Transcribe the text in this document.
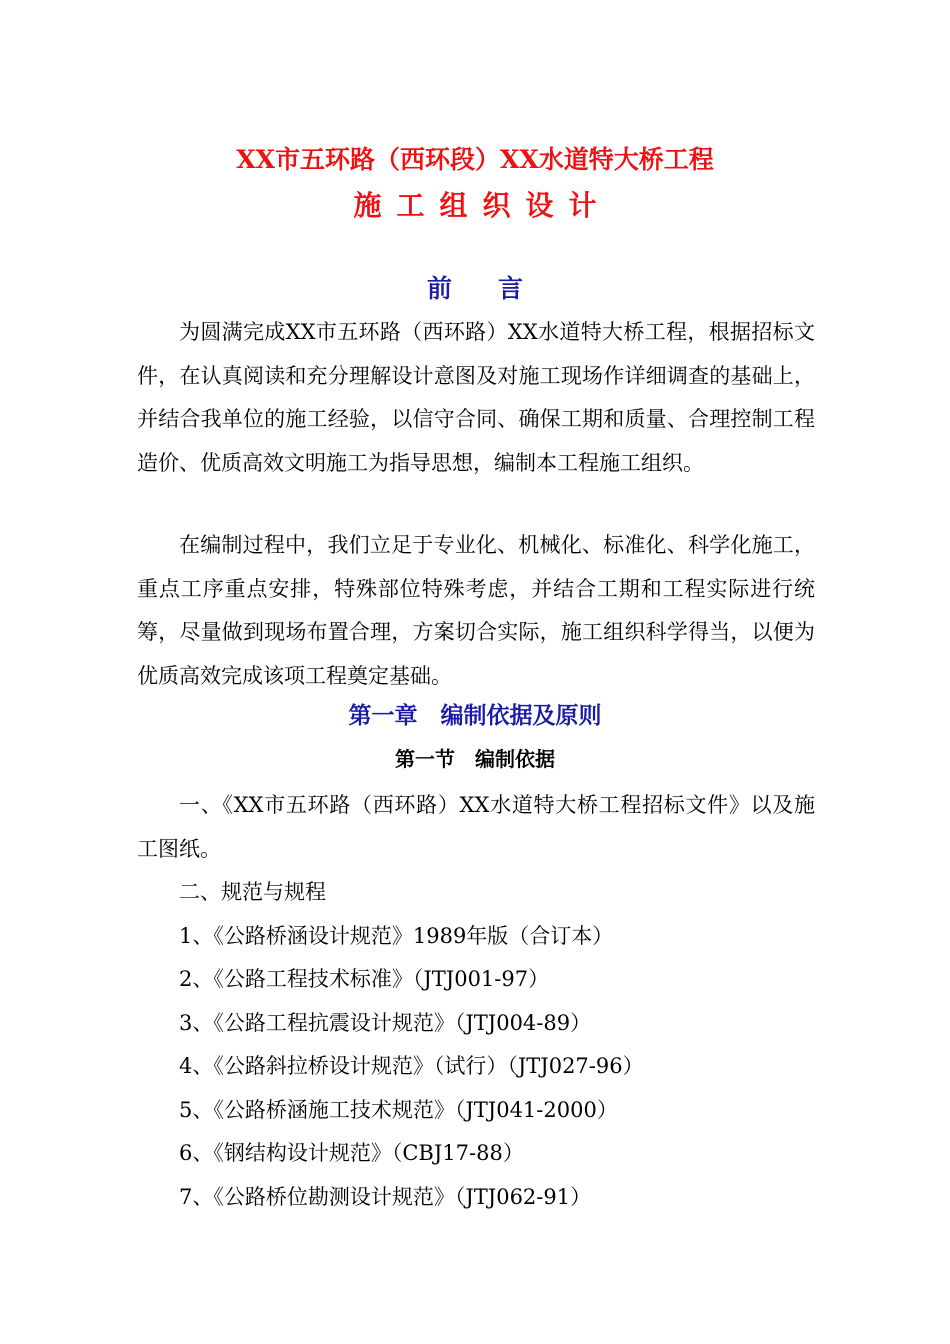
XX市五环路（西环段）XX水道特大桥工程
施工组织设计
前言

为圆满完成XX市五环路（西环路）XX水道特大桥工程，根据招标文件，在认真阅读和充分理解设计意图及对施工现场作详细调查的基础上，并结合我单位的施工经验，以信守合同、确保工期和质量、合理控制工程造价、优质高效文明施工为指导思想，编制本工程施工组织。

在编制过程中，我们立足于专业化、机械化、标准化、科学化施工，重点工序重点安排，特殊部位特殊考虑，并结合工期和工程实际进行统筹，尽量做到现场布置合理，方案切合实际，施工组织科学得当，以便为优质高效完成该项工程奠定基础。

第一章　编制依据及原则
第一节　编制依据

一、《XX市五环路（西环路）XX水道特大桥工程招标文件》以及施工图纸。

二、规范与规程
1、《公路桥涵设计规范》1989年版（合订本）
2、《公路工程技术标准》（JTJ001-97）
3、《公路工程抗震设计规范》（JTJ004-89）
4、《公路斜拉桥设计规范》（试行）（JTJ027-96）
5、《公路桥涵施工技术规范》（JTJ041-2000）
6、《钢结构设计规范》（CBJ17-88）
7、《公路桥位勘测设计规范》（JTJ062-91）
